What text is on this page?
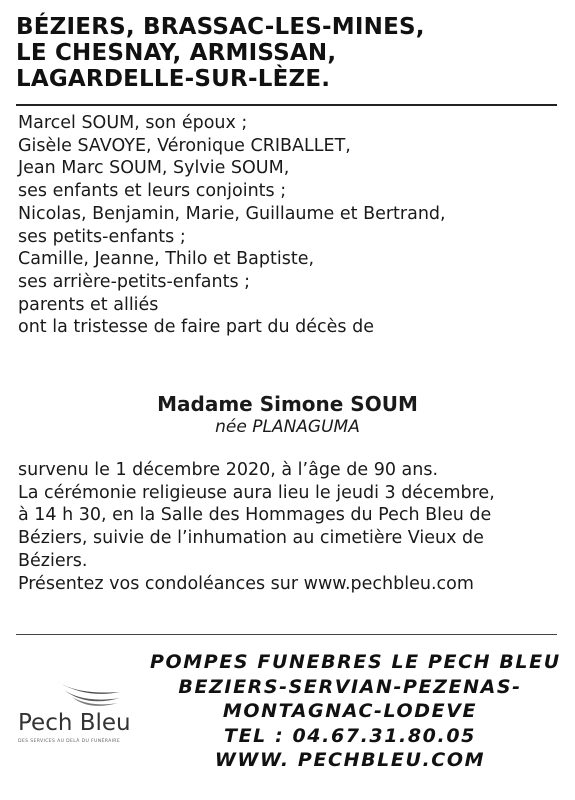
BÉZIERS, BRASSAC-LES-MINES,
LE CHESNAY, ARMISSAN,
LAGARDELLE-SUR-LÈZE.
Marcel SOUM, son époux ;
Gisèle SAVOYE, Véronique CRIBALLET,
Jean Marc SOUM, Sylvie SOUM,
ses enfants et leurs conjoints ;
Nicolas, Benjamin, Marie, Guillaume et Bertrand,
ses petits-enfants ;
Camille, Jeanne, Thilo et Baptiste,
ses arrière-petits-enfants ;
parents et alliés
ont la tristesse de faire part du décès de
Madame Simone SOUM
née PLANAGUMA
survenu le 1 décembre 2020, à l’âge de 90 ans.
La cérémonie religieuse aura lieu le jeudi 3 décembre,
à 14 h 30, en la Salle des Hommages du Pech Bleu de
Béziers, suivie de l’inhumation au cimetière Vieux de
Béziers.
Présentez vos condoléances sur www.pechbleu.com
Pech Bleu
DES SERVICES AU DELÀ DU FUNÉRAIRE
POMPES FUNEBRES LE PECH BLEU
BEZIERS-SERVIAN-PEZENAS-
MONTAGNAC-LODEVE
TEL : 04.67.31.80.05
WWW. PECHBLEU.COM
